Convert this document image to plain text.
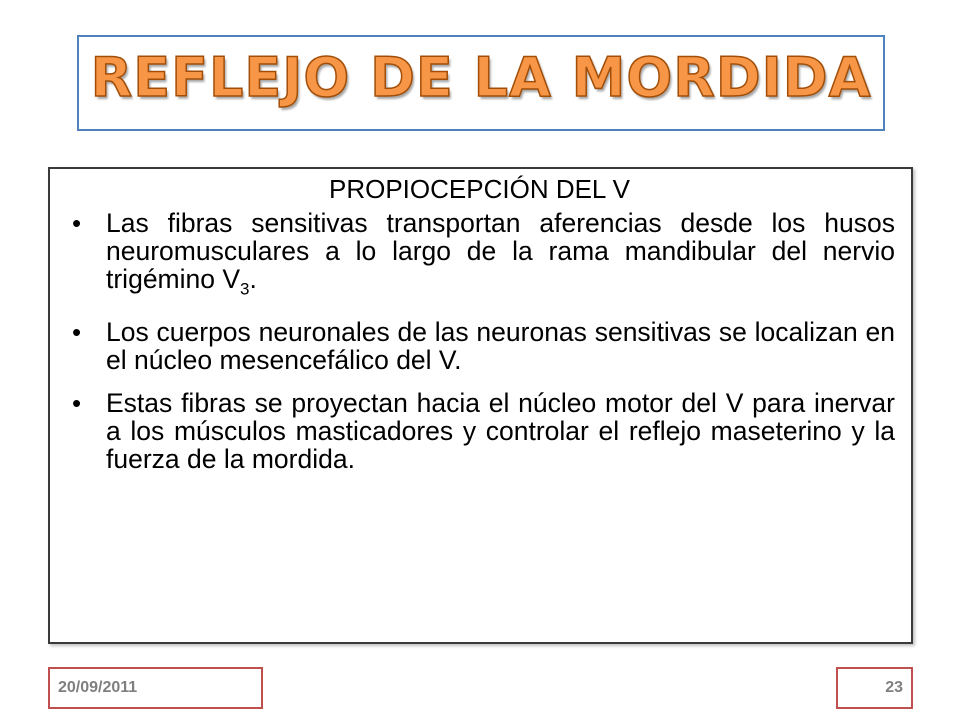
REFLEJO DE LA MORDIDA
PROPIOCEPCIÓN DEL V
• Las fibras sensitivas transportan aferencias desde los husos neuromusculares a lo largo de la rama mandibular del nervio trigémino $V_3$.
• Los cuerpos neuronales de las neuronas sensitivas se localizan en el núcleo mesencefálico del V.
• Estas fibras se proyectan hacia el núcleo motor del V para inervar a los músculos masticadores y controlar el reflejo maseterino y la fuerza de la mordida.
20/09/2011	23
